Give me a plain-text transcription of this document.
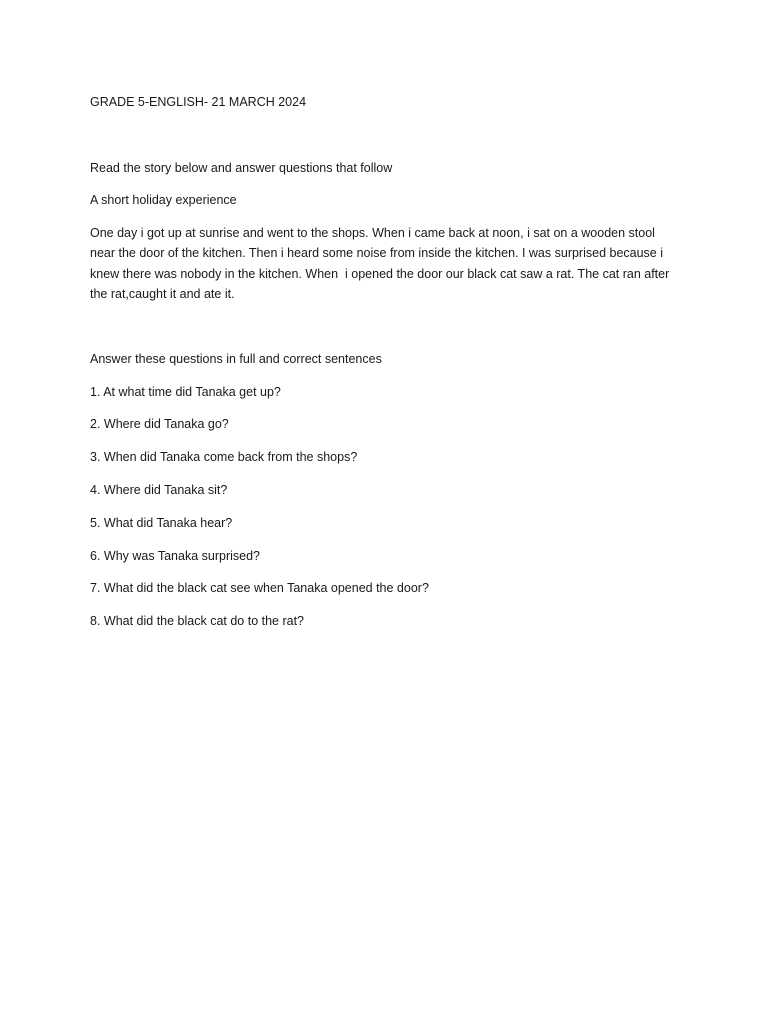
GRADE 5-ENGLISH- 21 MARCH 2024

Read the story below and answer questions that follow

A short holiday experience

One day i got up at sunrise and went to the shops. When i came back at noon, i sat on a wooden stool near the door of the kitchen. Then i heard some noise from inside the kitchen. I was surprised because i knew there was nobody in the kitchen. When  i opened the door our black cat saw a rat. The cat ran after the rat,caught it and ate it.

Answer these questions in full and correct sentences

1. At what time did Tanaka get up?
2. Where did Tanaka go?
3. When did Tanaka come back from the shops?
4. Where did Tanaka sit?
5. What did Tanaka hear?
6. Why was Tanaka surprised?
7. What did the black cat see when Tanaka opened the door?
8. What did the black cat do to the rat?
